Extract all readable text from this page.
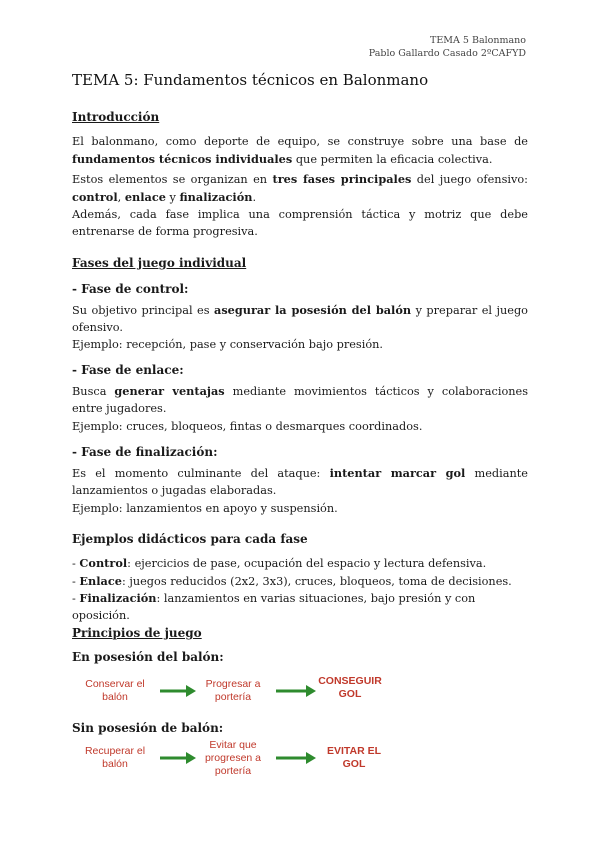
TEMA 5 Balonmano
Pablo Gallardo Casado 2ºCAFYD
TEMA 5: Fundamentos técnicos en Balonmano
Introducción
El balonmano, como deporte de equipo, se construye sobre una base de fundamentos técnicos individuales que permiten la eficacia colectiva.
Estos elementos se organizan en tres fases principales del juego ofensivo: control, enlace y finalización.
Además, cada fase implica una comprensión táctica y motriz que debe entrenarse de forma progresiva.
Fases del juego individual
- Fase de control:
Su objetivo principal es asegurar la posesión del balón y preparar el juego ofensivo.
Ejemplo: recepción, pase y conservación bajo presión.
- Fase de enlace:
Busca generar ventajas mediante movimientos tácticos y colaboraciones entre jugadores.
Ejemplo: cruces, bloqueos, fintas o desmarques coordinados.
- Fase de finalización:
Es el momento culminante del ataque: intentar marcar gol mediante lanzamientos o jugadas elaboradas.
Ejemplo: lanzamientos en apoyo y suspensión.
Ejemplos didácticos para cada fase
- Control: ejercicios de pase, ocupación del espacio y lectura defensiva.
- Enlace: juegos reducidos (2x2, 3x3), cruces, bloqueos, toma de decisiones.
- Finalización: lanzamientos en varias situaciones, bajo presión y con oposición.
Principios de juego
En posesión del balón:
Conservar el balón
Progresar a portería
CONSEGUIR GOL
Sin posesión de balón:
Recuperar el balón
Evitar que progresen a portería
EVITAR EL GOL
